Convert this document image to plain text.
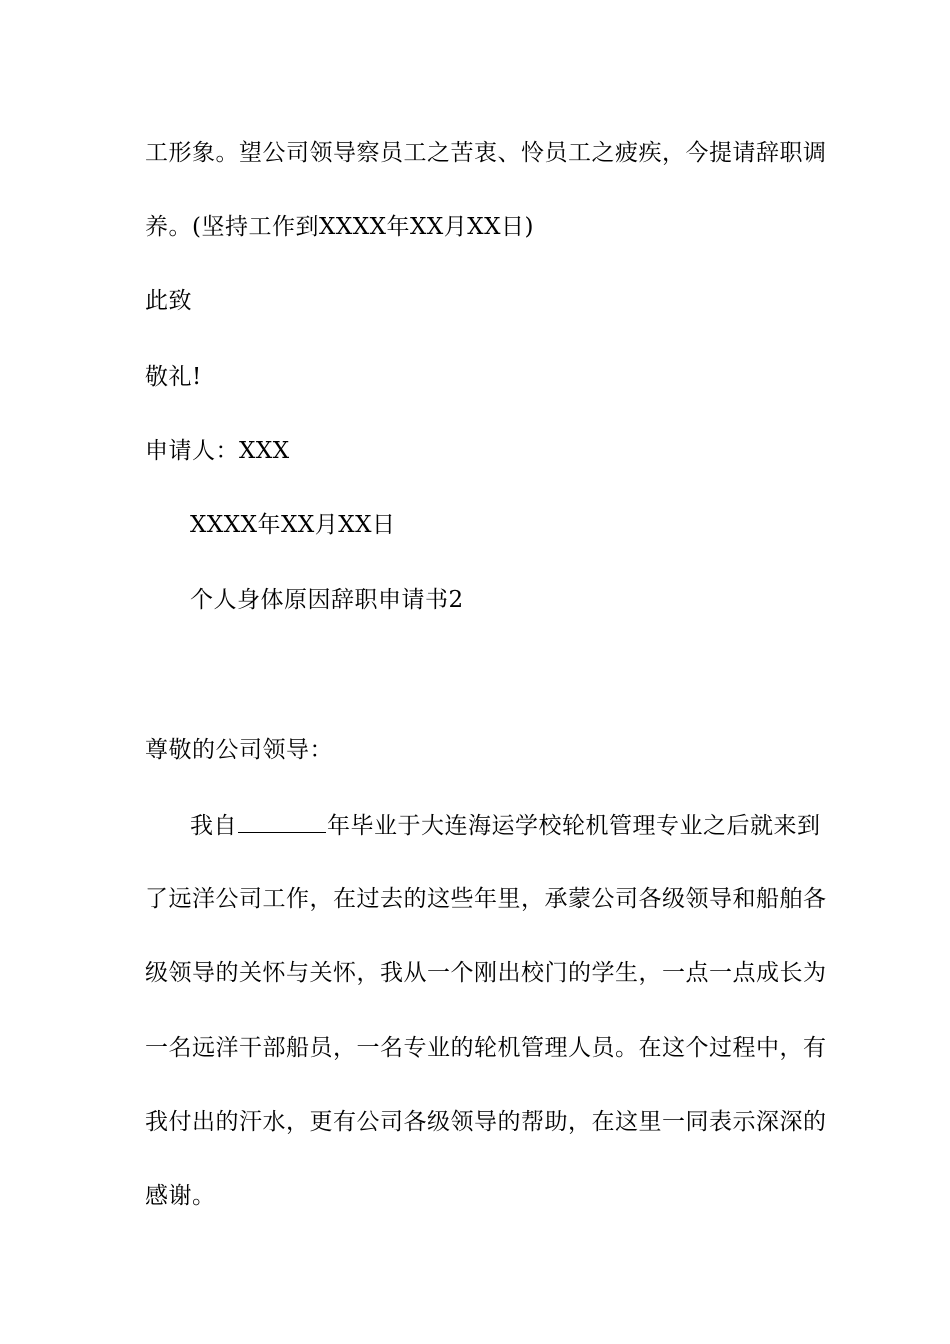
工形象。望公司领导察员工之苦衷、怜员工之疲疾，今提请辞职调
养。(坚持工作到XXXX年XX月XX日)
此致
敬礼!
申请人：XXX
XXXX年XX月XX日
个人身体原因辞职申请书2
尊敬的公司领导：
我自	年毕业于大连海运学校轮机管理专业之后就来到
了远洋公司工作，在过去的这些年里，承蒙公司各级领导和船舶各
级领导的关怀与关怀，我从一个刚出校门的学生，一点一点成长为
一名远洋干部船员，一名专业的轮机管理人员。在这个过程中，有
我付出的汗水，更有公司各级领导的帮助，在这里一同表示深深的
感谢。
